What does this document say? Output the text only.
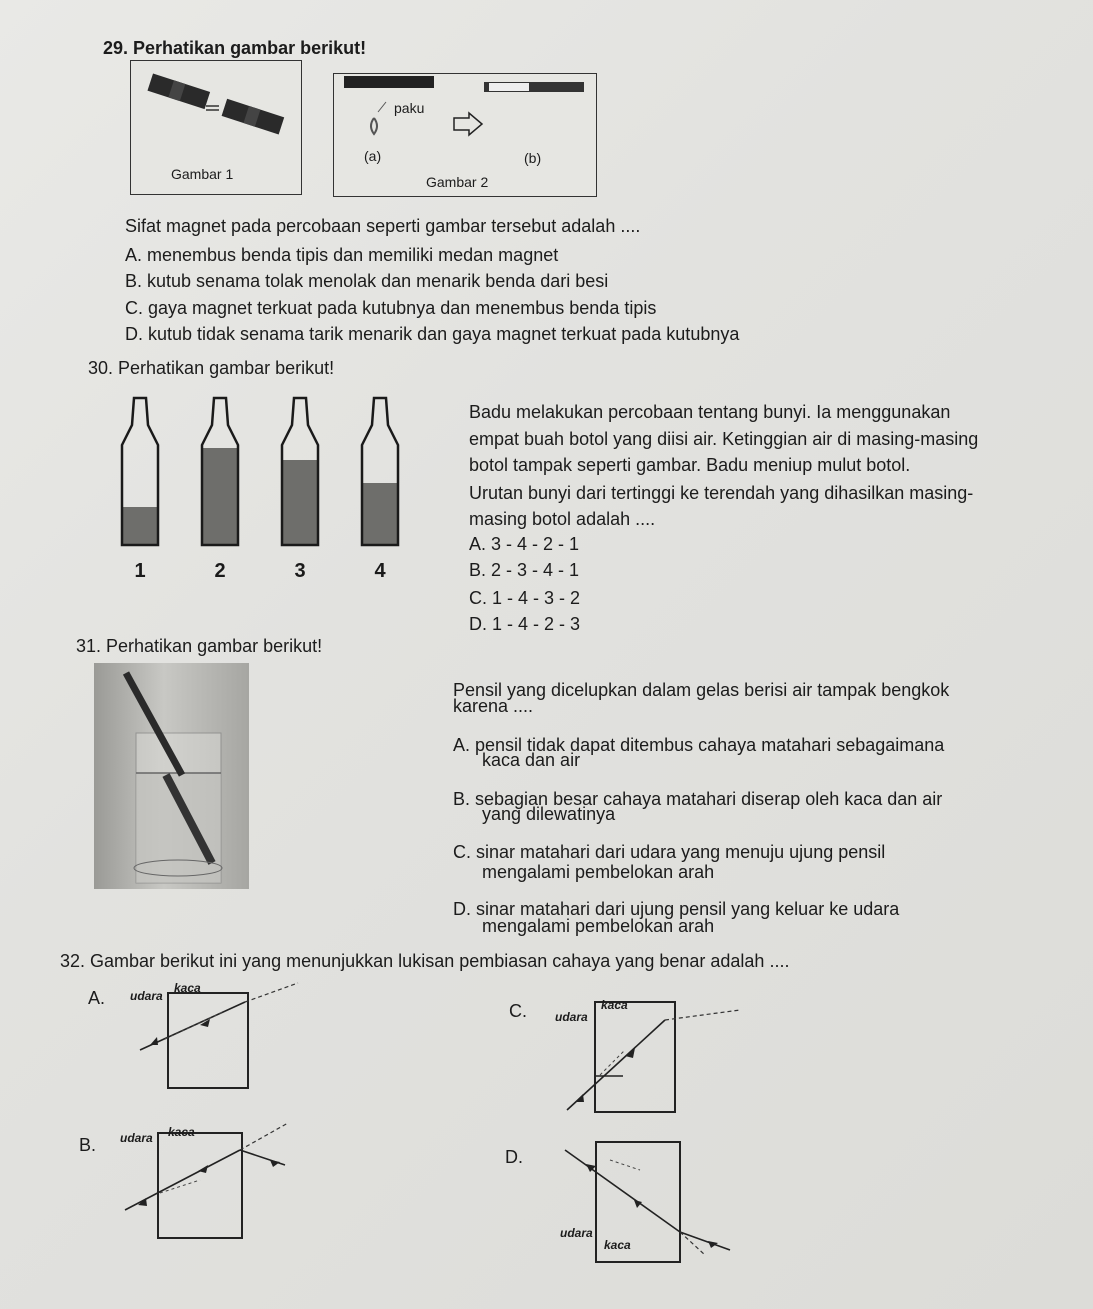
29. Perhatikan gambar berikut!
Gambar 1
paku
(a)	(b)
Gambar 2
Sifat magnet pada percobaan seperti gambar tersebut adalah ....
A. menembus benda tipis dan memiliki medan magnet
B. kutub senama tolak menolak dan menarik benda dari besi
C. gaya magnet terkuat pada kutubnya dan menembus benda tipis
D. kutub tidak senama tarik menarik dan gaya magnet terkuat pada kutubnya
30. Perhatikan gambar berikut!
1	2	3	4
Badu melakukan percobaan tentang bunyi. Ia menggunakan
empat buah botol yang diisi air. Ketinggian air di masing-masing
botol tampak seperti gambar. Badu meniup mulut botol.
Urutan bunyi dari tertinggi ke terendah yang dihasilkan masing-
masing botol adalah ....
A. 3 - 4 - 2 - 1
B. 2 - 3 - 4 - 1
C. 1 - 4 - 3 - 2
D. 1 - 4 - 2 - 3
31. Perhatikan gambar berikut!
Pensil yang dicelupkan dalam gelas berisi air tampak bengkok
karena ....
A. pensil tidak dapat ditembus cahaya matahari sebagaimana
kaca dan air
B. sebagian besar cahaya matahari diserap oleh kaca dan air
yang dilewatinya
C. sinar matahari dari udara yang menuju ujung pensil
mengalami pembelokan arah
D. sinar matahari dari ujung pensil yang keluar ke udara
mengalami pembelokan arah
32. Gambar berikut ini yang menunjukkan lukisan pembiasan cahaya yang benar adalah ....
A. udara
kaca
B. udara kaca
C. udara
kaca
D.
udara
kaca
